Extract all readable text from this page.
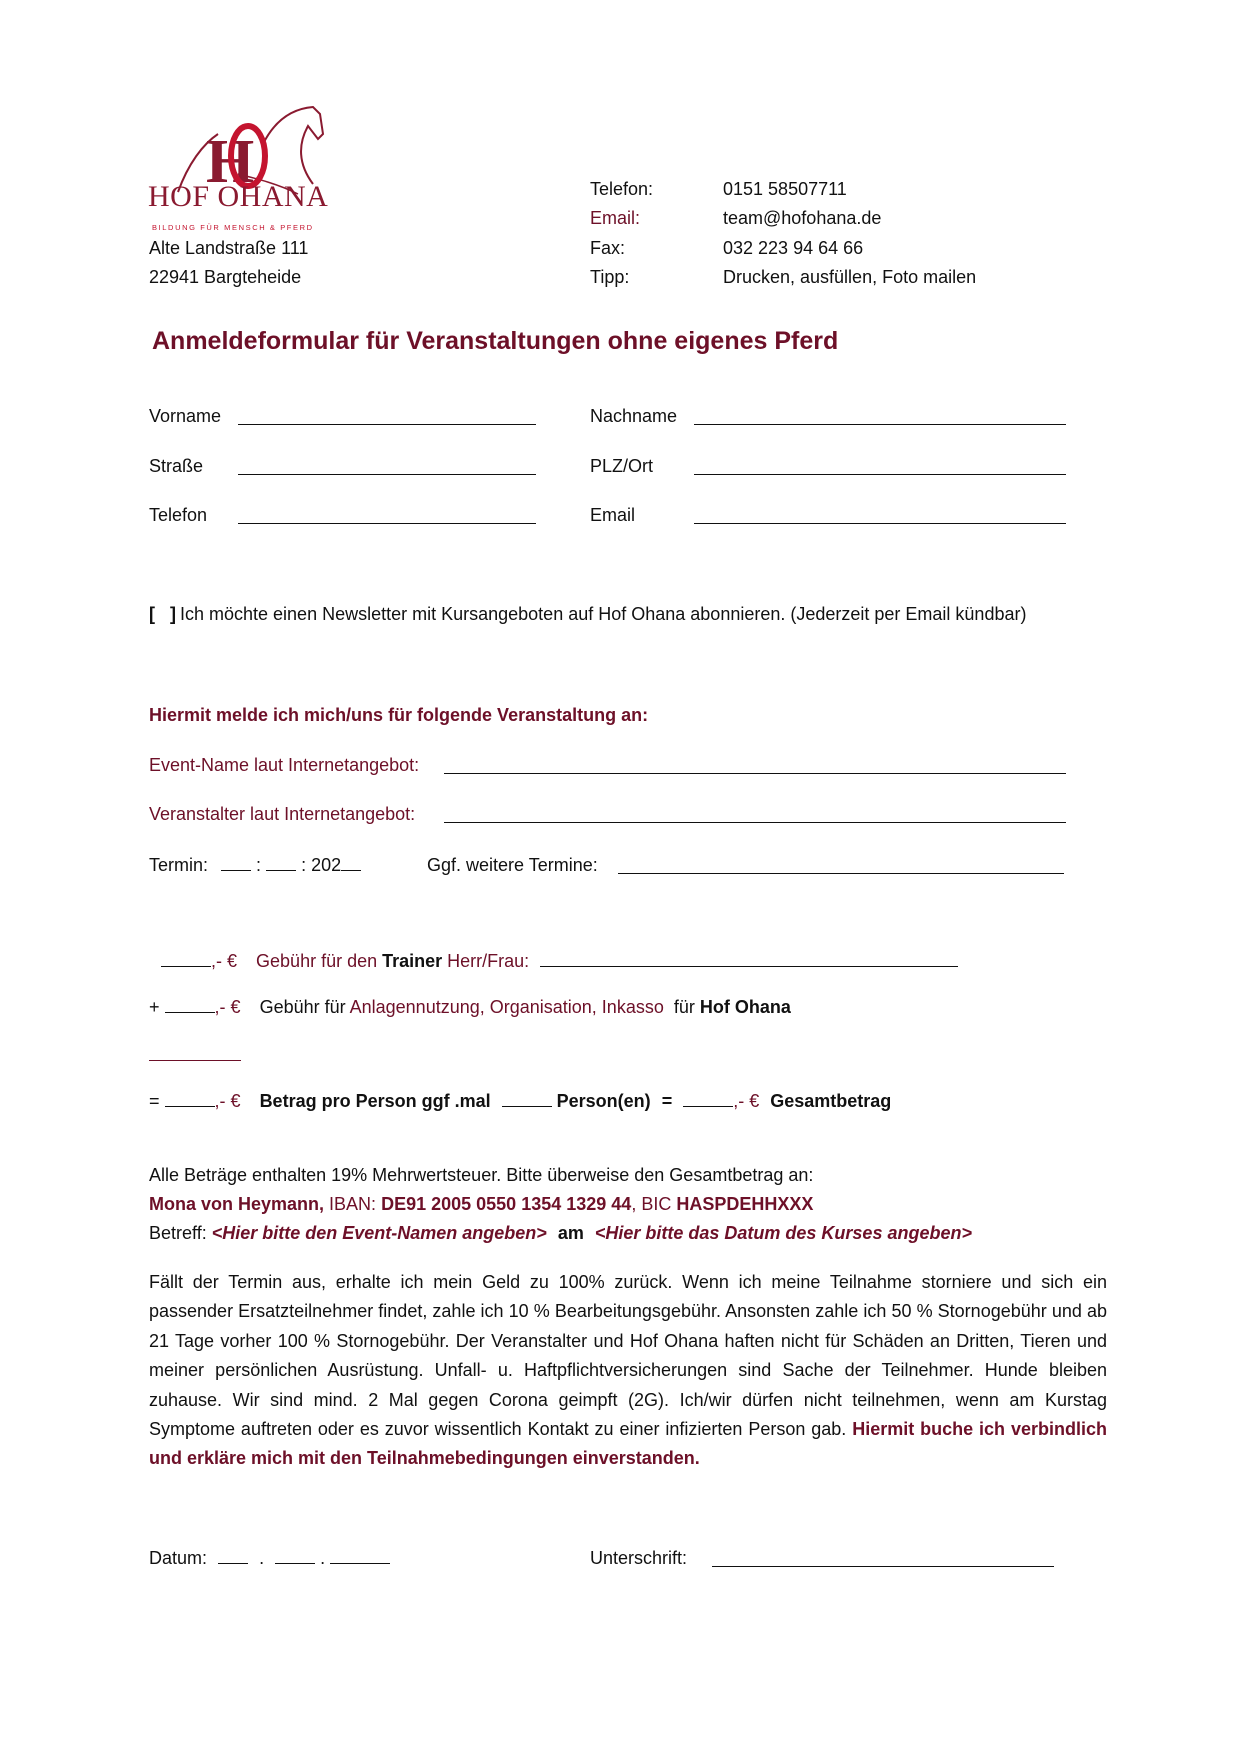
H
HOF OHANA
BILDUNG FÜR MENSCH & PFERD
Alte Landstraße 111
22941 Bargteheide
Telefon:	0151 58507711
Email:	team@hofohana.de
Fax:	032 223 94 64 66
Tipp:	Drucken, ausfüllen, Foto mailen
Anmeldeformular für Veranstaltungen ohne eigenes Pferd
Vorname	Nachname
Straße	PLZ/Ort
Telefon	Email
[   ] Ich möchte einen Newsletter mit Kursangeboten auf Hof Ohana abonnieren. (Jederzeit per Email kündbar)
Hiermit melde ich mich/uns für folgende Veranstaltung an:
Event-Name laut Internetangebot:
Veranstalter laut Internetangebot:
Termin:	: : 202	Ggf. weitere Termine:
,- € Gebühr für den Trainer Herr/Frau:
+	,- € Gebühr für Anlagennutzung, Organisation, Inkasso für Hof Ohana
=	,- € Betrag pro Person ggf .mal	Person(en) =	,- € Gesamtbetrag
Alle Beträge enthalten 19% Mehrwertsteuer. Bitte überweise den Gesamtbetrag an:
Mona von Heymann, IBAN: DE91 2005 0550 1354 1329 44, BIC HASPDEHHXXX
Betreff: <Hier bitte den Event-Namen angeben> am <Hier bitte das Datum des Kurses angeben>
Fällt der Termin aus, erhalte ich mein Geld zu 100% zurück. Wenn ich meine Teilnahme storniere und sich ein passender Ersatzteilnehmer findet, zahle ich 10 % Bearbeitungsgebühr. Ansonsten zahle ich 50 % Stornogebühr und ab 21 Tage vorher 100 % Stornogebühr. Der Veranstalter und Hof Ohana haften nicht für Schäden an Dritten, Tieren und meiner persönlichen Ausrüstung. Unfall- u. Haftpflichtversicherungen sind Sache der Teilnehmer. Hunde bleiben zuhause. Wir sind mind. 2 Mal gegen Corona geimpft (2G). Ich/wir dürfen nicht teilnehmen, wenn am Kurstag Symptome auftreten oder es zuvor wissentlich Kontakt zu einer infizierten Person gab. Hiermit buche ich verbindlich und erkläre mich mit den Teilnahmebedingungen einverstanden.
Datum:	.	.	Unterschrift:
